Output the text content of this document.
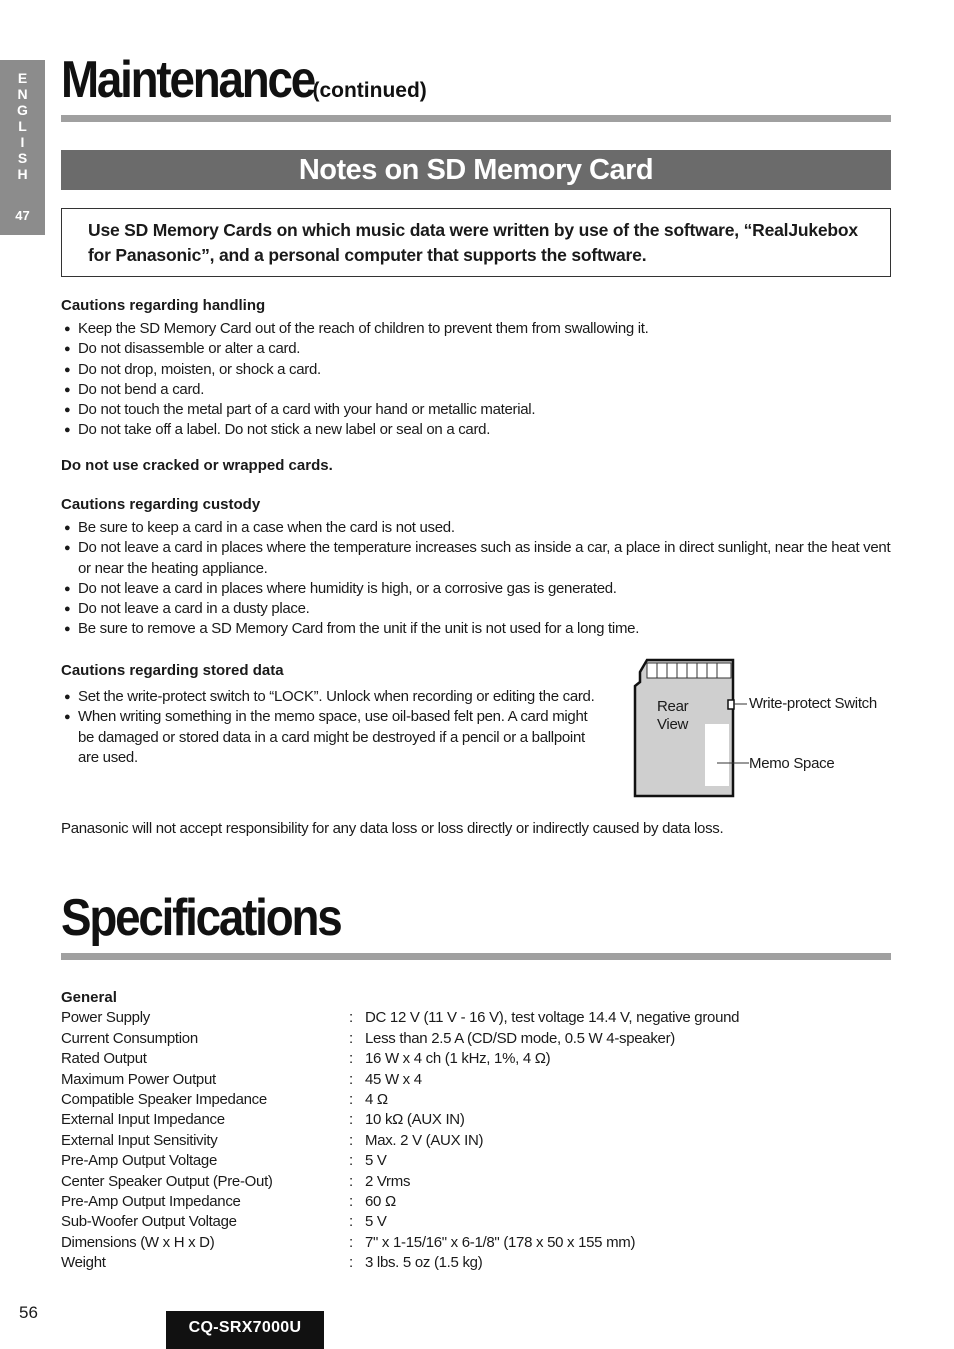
E
N
G
L
I
S
H
47
Maintenance
(continued)
Notes on SD Memory Card

Use SD Memory Cards on which music data were written by use of the software, “RealJukebox for Panasonic”, and a personal computer that supports the software.

Cautions regarding handling
● Keep the SD Memory Card out of the reach of children to prevent them from swallowing it.
● Do not disassemble or alter a card.
● Do not drop, moisten, or shock a card.
● Do not bend a card.
● Do not touch the metal part of a card with your hand or metallic material.
● Do not take off a label. Do not stick a new label or seal on a card.
Do not use cracked or wrapped cards.
Cautions regarding custody
● Be sure to keep a card in a case when the card is not used.
● Do not leave a card in places where the temperature increases such as inside a car, a place in direct sunlight, near the heat vent or near the heating appliance.
● Do not leave a card in places where humidity is high, or a corrosive gas is generated.
● Do not leave a card in a dusty place.
● Be sure to remove a SD Memory Card from the unit if the unit is not used for a long time.
Cautions regarding stored data
● Set the write-protect switch to “LOCK”. Unlock when recording or editing the card.
● When writing something in the memo space, use oil-based felt pen. A card might be damaged or stored data in a card might be destroyed if a pencil or a ballpoint are used.
Rear
View
Write-protect Switch
Memo Space
Panasonic will not accept responsibility for any data loss or loss directly or indirectly caused by data loss.
Specifications
General
Power Supply	: DC 12 V (11 V - 16 V), test voltage 14.4 V, negative ground
Current Consumption	: Less than 2.5 A (CD/SD mode, 0.5 W 4-speaker)
Rated Output	: 16 W x 4 ch (1 kHz, 1%, 4 Ω)
Maximum Power Output	: 45 W x 4
Compatible Speaker Impedance	: 4 Ω
External Input Impedance	: 10 kΩ (AUX IN)
External Input Sensitivity	: Max. 2 V (AUX IN)
Pre-Amp Output Voltage	: 5 V
Center Speaker Output (Pre-Out)	: 2 Vrms
Pre-Amp Output Impedance	: 60 Ω
Sub-Woofer Output Voltage	: 5 V
Dimensions (W x H x D)	: 7" x 1-15/16" x 6-1/8" (178 x 50 x 155 mm)
Weight	: 3 lbs. 5 oz (1.5 kg)
56
CQ-SRX7000U
